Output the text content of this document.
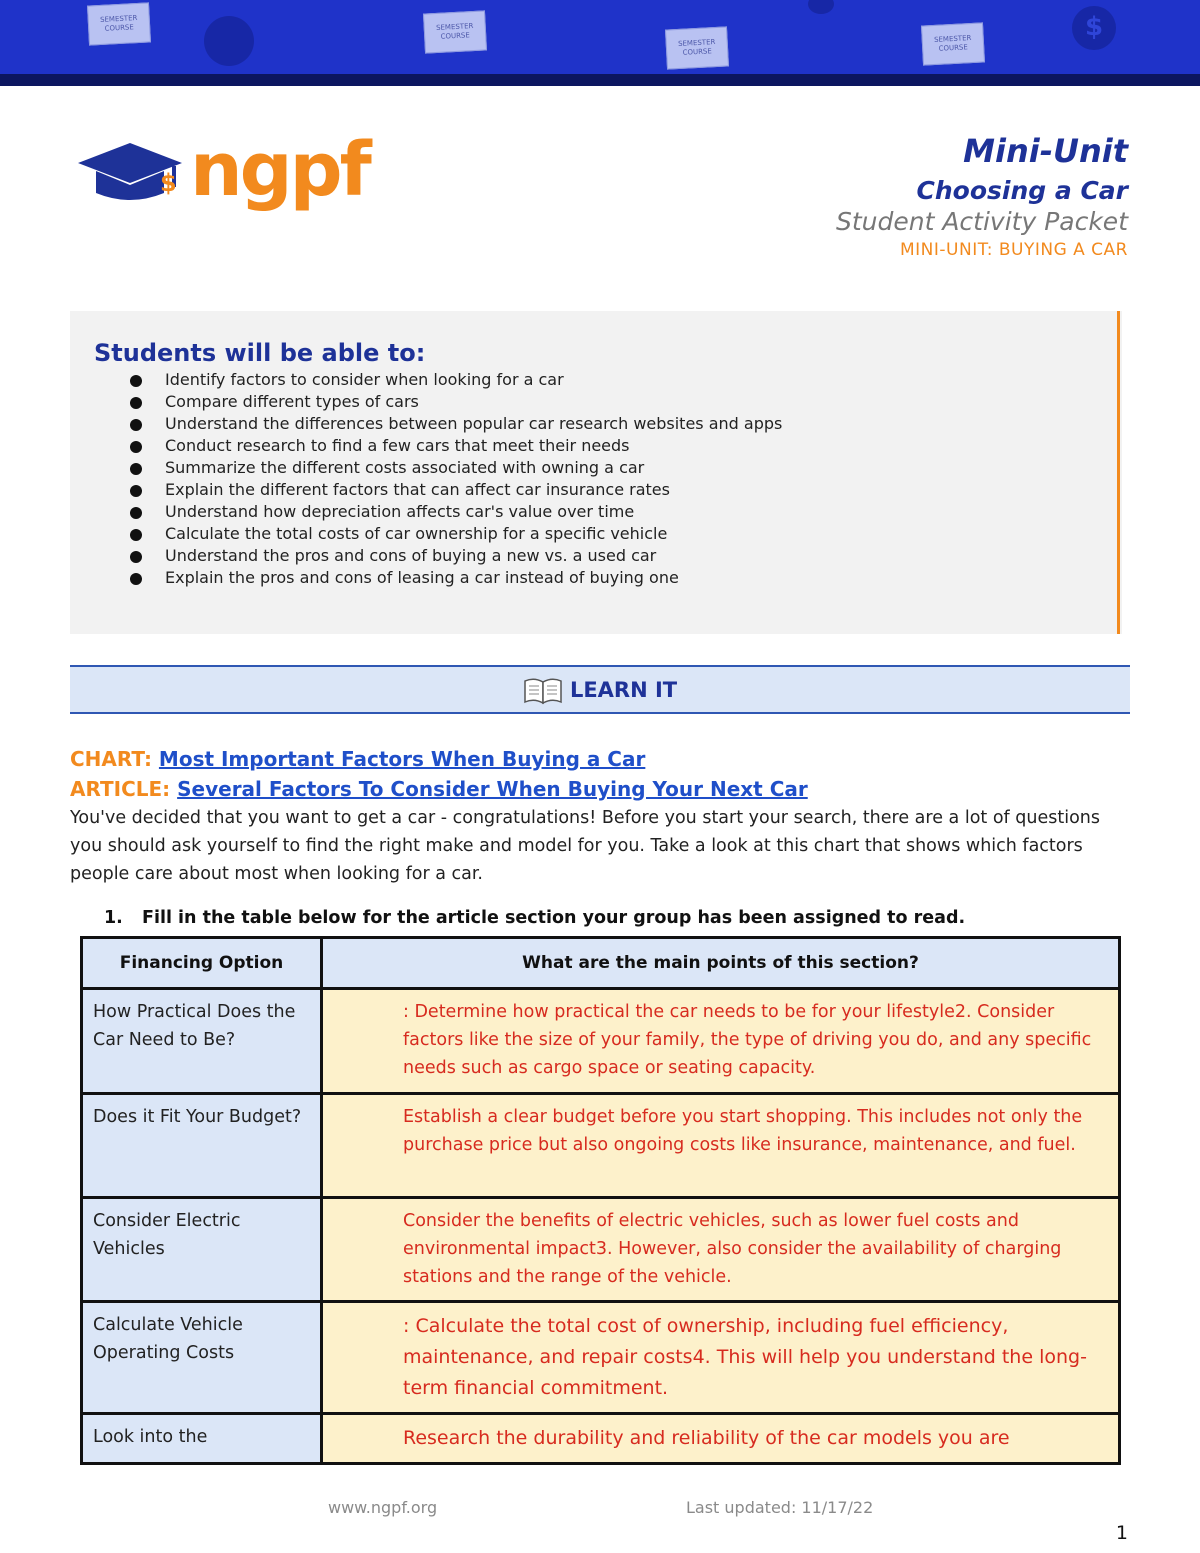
SEMESTER COURSE	SEMESTER COURSE
SEMESTER COURSE
SEMESTER COURSE
$
$ ngpf	Mini-Unit
Choosing a Car
Student Activity Packet
MINI-UNIT: BUYING A CAR
Students will be able to:
Identify factors to consider when looking for a car
Compare different types of cars
Understand the differences between popular car research websites and apps
Conduct research to find a few cars that meet their needs
Summarize the different costs associated with owning a car
Explain the different factors that can affect car insurance rates
Understand how depreciation affects car's value over time
Calculate the total costs of car ownership for a specific vehicle
Understand the pros and cons of buying a new vs. a used car
Explain the pros and cons of leasing a car instead of buying one
LEARN IT
CHART: Most Important Factors When Buying a Car
ARTICLE: Several Factors To Consider When Buying Your Next Car

You've decided that you want to get a car - congratulations! Before you start your search, there are a lot of questions you should ask yourself to find the right make and model for you. Take a look at this chart that shows which factors people care about most when looking for a car.

1. Fill in the table below for the article section your group has been assigned to read.
Financing Option	What are the main points of this section?
How Practical Does the Car Need to Be?	: Determine how practical the car needs to be for your lifestyle2. Consider factors like the size of your family, the type of driving you do, and any specific needs such as cargo space or seating capacity.
Does it Fit Your Budget?	Establish a clear budget before you start shopping. This includes not only the purchase price but also ongoing costs like insurance, maintenance, and fuel.
Consider Electric Vehicles	Consider the benefits of electric vehicles, such as lower fuel costs and environmental impact3. However, also consider the availability of charging stations and the range of the vehicle.
Calculate Vehicle Operating Costs	: Calculate the total cost of ownership, including fuel efficiency, maintenance, and repair costs4. This will help you understand the long-term financial commitment.
Look into the	Research the durability and reliability of the car models you are
www.ngpf.org	Last updated: 11/17/22
1
